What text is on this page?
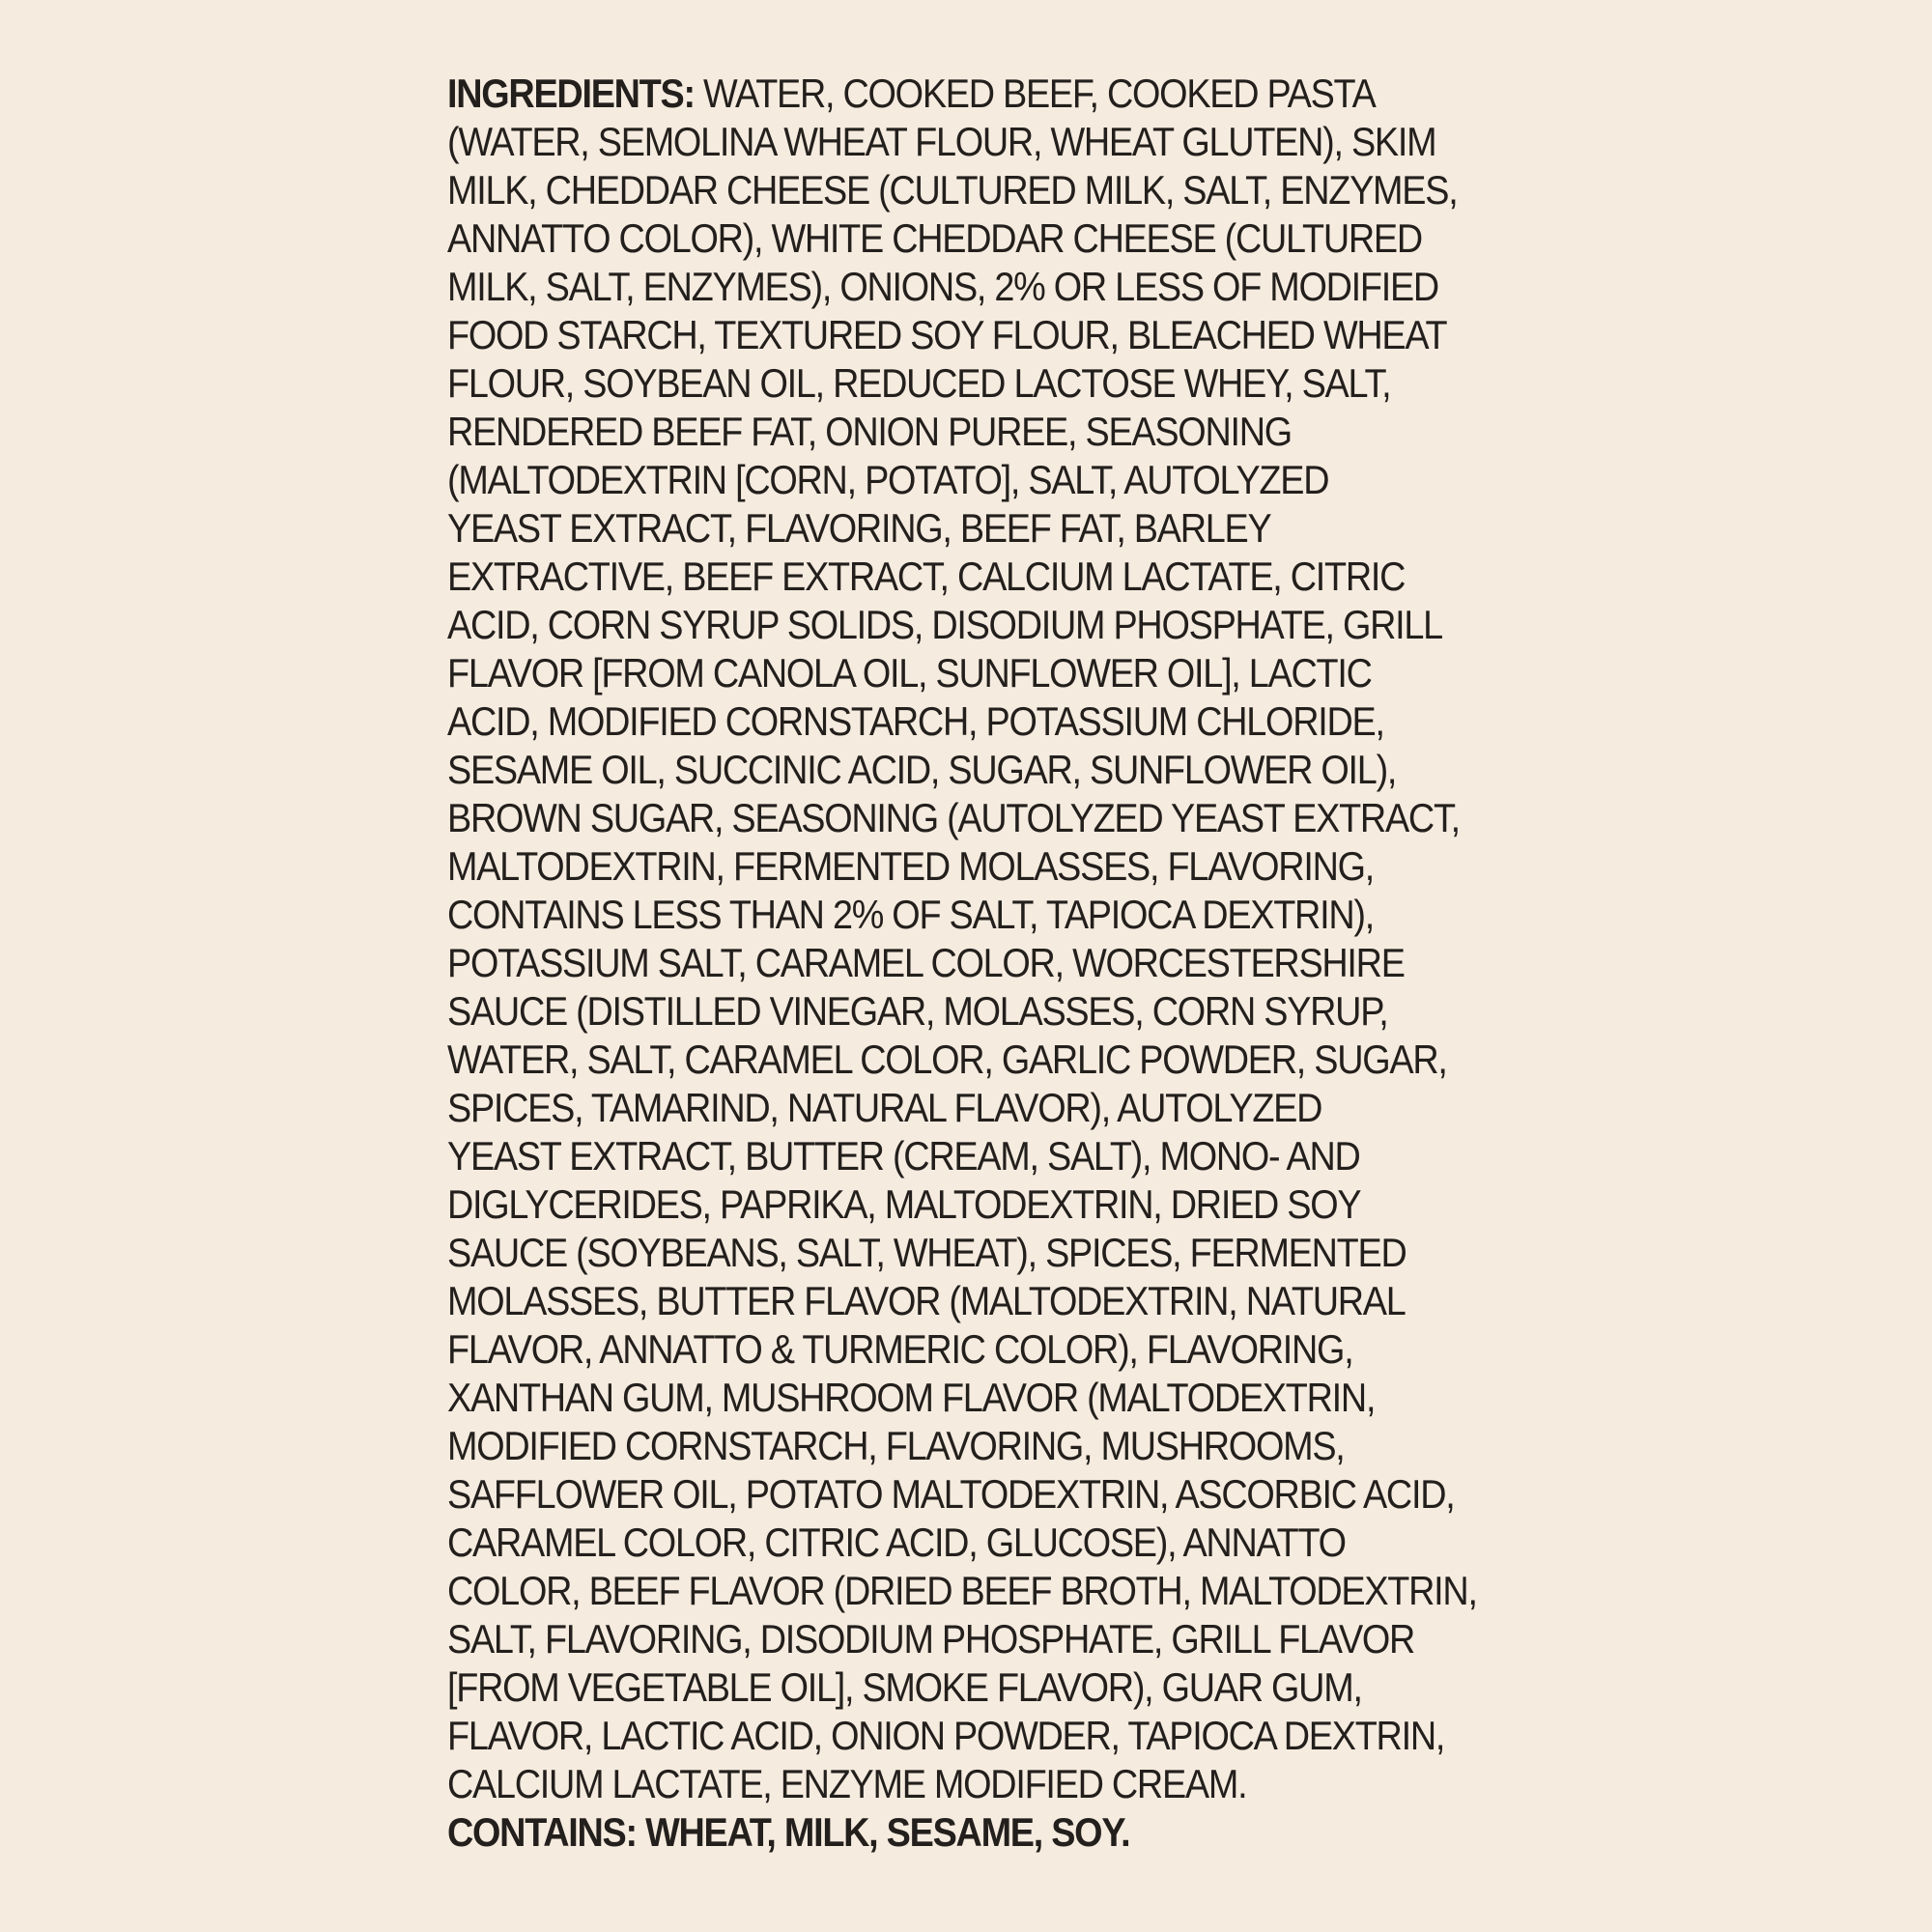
INGREDIENTS: WATER, COOKED BEEF, COOKED PASTA
(WATER, SEMOLINA WHEAT FLOUR, WHEAT GLUTEN), SKIM
MILK, CHEDDAR CHEESE (CULTURED MILK, SALT, ENZYMES,
ANNATTO COLOR), WHITE CHEDDAR CHEESE (CULTURED
MILK, SALT, ENZYMES), ONIONS, 2% OR LESS OF MODIFIED
FOOD STARCH, TEXTURED SOY FLOUR, BLEACHED WHEAT
FLOUR, SOYBEAN OIL, REDUCED LACTOSE WHEY, SALT,
RENDERED BEEF FAT, ONION PUREE, SEASONING
(MALTODEXTRIN [CORN, POTATO], SALT, AUTOLYZED
YEAST EXTRACT, FLAVORING, BEEF FAT, BARLEY
EXTRACTIVE, BEEF EXTRACT, CALCIUM LACTATE, CITRIC
ACID, CORN SYRUP SOLIDS, DISODIUM PHOSPHATE, GRILL
FLAVOR [FROM CANOLA OIL, SUNFLOWER OIL], LACTIC
ACID, MODIFIED CORNSTARCH, POTASSIUM CHLORIDE,
SESAME OIL, SUCCINIC ACID, SUGAR, SUNFLOWER OIL),
BROWN SUGAR, SEASONING (AUTOLYZED YEAST EXTRACT,
MALTODEXTRIN, FERMENTED MOLASSES, FLAVORING,
CONTAINS LESS THAN 2% OF SALT, TAPIOCA DEXTRIN),
POTASSIUM SALT, CARAMEL COLOR, WORCESTERSHIRE
SAUCE (DISTILLED VINEGAR, MOLASSES, CORN SYRUP,
WATER, SALT, CARAMEL COLOR, GARLIC POWDER, SUGAR,
SPICES, TAMARIND, NATURAL FLAVOR), AUTOLYZED
YEAST EXTRACT, BUTTER (CREAM, SALT), MONO- AND
DIGLYCERIDES, PAPRIKA, MALTODEXTRIN, DRIED SOY
SAUCE (SOYBEANS, SALT, WHEAT), SPICES, FERMENTED
MOLASSES, BUTTER FLAVOR (MALTODEXTRIN, NATURAL
FLAVOR, ANNATTO & TURMERIC COLOR), FLAVORING,
XANTHAN GUM, MUSHROOM FLAVOR (MALTODEXTRIN,
MODIFIED CORNSTARCH, FLAVORING, MUSHROOMS,
SAFFLOWER OIL, POTATO MALTODEXTRIN, ASCORBIC ACID,
CARAMEL COLOR, CITRIC ACID, GLUCOSE), ANNATTO
COLOR, BEEF FLAVOR (DRIED BEEF BROTH, MALTODEXTRIN,
SALT, FLAVORING, DISODIUM PHOSPHATE, GRILL FLAVOR
[FROM VEGETABLE OIL], SMOKE FLAVOR), GUAR GUM,
FLAVOR, LACTIC ACID, ONION POWDER, TAPIOCA DEXTRIN,
CALCIUM LACTATE, ENZYME MODIFIED CREAM.
CONTAINS: WHEAT, MILK, SESAME, SOY.
